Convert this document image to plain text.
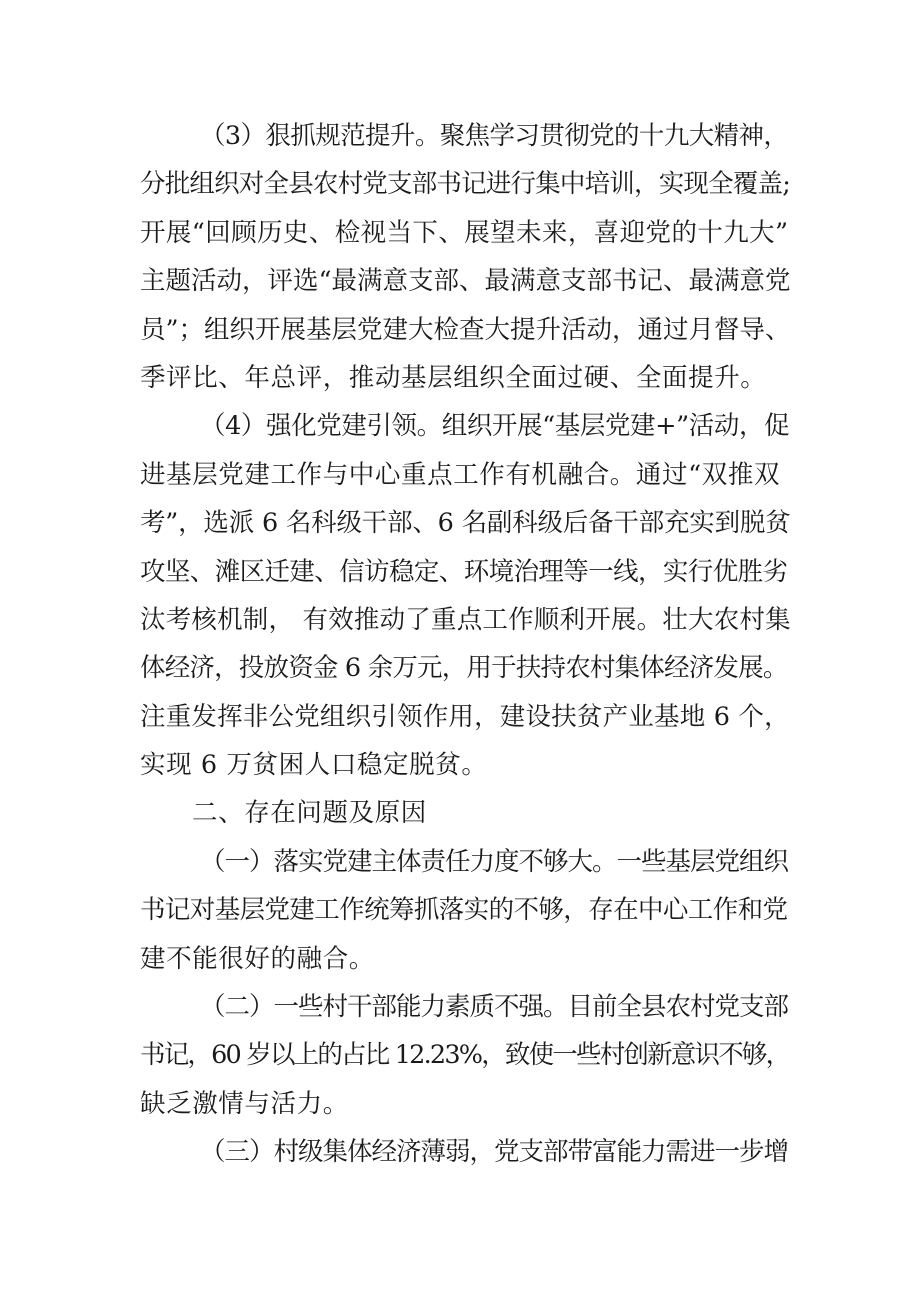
（3）狠抓规范提升。聚焦学习贯彻党的十九大精神，
分批组织对全县农村党支部书记进行集中培训，实现全覆盖;
开展“回顾历史、检视当下、展望未来，喜迎党的十九大”
主题活动，评选“最满意支部、最满意支部书记、最满意党
员”；组织开展基层党建大检查大提升活动，通过月督导、
季评比、年总评，推动基层组织全面过硬、全面提升。
（4）强化党建引领。组织开展“基层党建+”活动，促
进基层党建工作与中心重点工作有机融合。通过“双推双
考”，选派 6 名科级干部、6 名副科级后备干部充实到脱贫
攻坚、滩区迁建、信访稳定、环境治理等一线，实行优胜劣
汰考核机制， 有效推动了重点工作顺利开展。壮大农村集
体经济，投放资金 6 余万元，用于扶持农村集体经济发展。
注重发挥非公党组织引领作用，建设扶贫产业基地 6 个，
实现 6 万贫困人口稳定脱贫。
二、存在问题及原因
（一）落实党建主体责任力度不够大。一些基层党组织
书记对基层党建工作统筹抓落实的不够，存在中心工作和党
建不能很好的融合。
（二）一些村干部能力素质不强。目前全县农村党支部
书记，60 岁以上的占比 12.23%，致使一些村创新意识不够，
缺乏激情与活力。
（三）村级集体经济薄弱，党支部带富能力需进一步增
